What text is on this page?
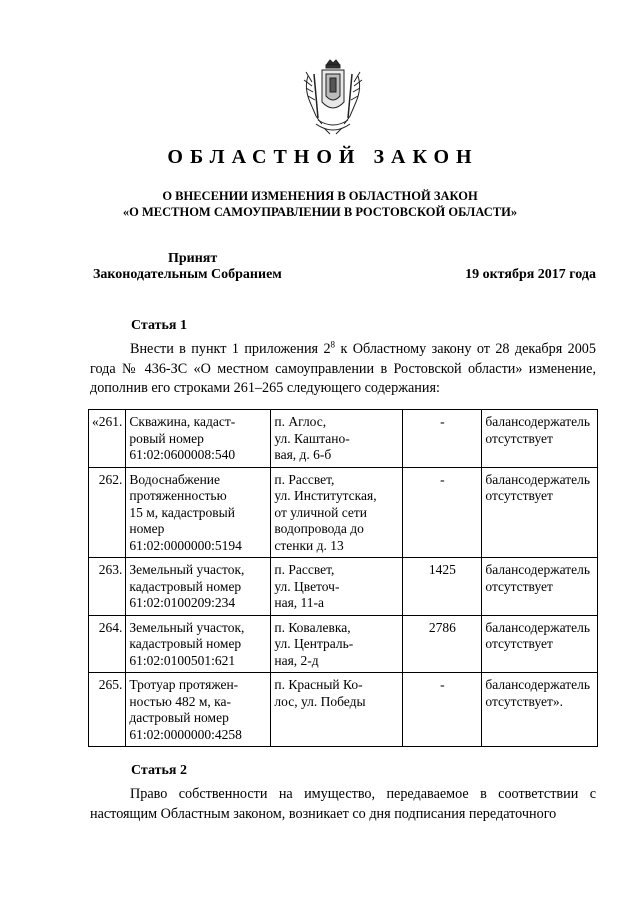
ОБЛАСТНОЙ ЗАКОН
О ВНЕСЕНИИ ИЗМЕНЕНИЯ В ОБЛАСТНОЙ ЗАКОН
«О МЕСТНОМ САМОУПРАВЛЕНИИ В РОСТОВСКОЙ ОБЛАСТИ»
Принят
Законодательным Собранием	19 октября 2017 года
Статья 1

Внести в пункт 1 приложения $2^8$ к Областному закону от 28 декабря 2005 года № 436-ЗС «О местном самоуправлении в Ростовской области» изменение, дополнив его строками 261–265 следующего содержания:

«261.	Скважина, кадаст-
ровый номер
61:02:0600008:540	п. Аглос,
ул. Каштано-
вая, д. 6-б	-	балансодержатель
отсутствует
262.	Водоснабжение
протяженностью
15 м, кадастровый
номер
61:02:0000000:5194	п. Рассвет,
ул. Институтская,
от уличной сети
водопровода до
стенки д. 13	-	балансодержатель
отсутствует
263.	Земельный участок,
кадастровый номер
61:02:0100209:234	п. Рассвет,
ул. Цветоч-
ная, 11-а	1425	балансодержатель
отсутствует
264.	Земельный участок,
кадастровый номер
61:02:0100501:621	п. Ковалевка,
ул. Централь-
ная, 2-д	2786	балансодержатель
отсутствует
265.	Тротуар протяжен-
ностью 482 м, ка-
дастровый номер
61:02:0000000:4258	п. Красный Ко-
лос, ул. Победы	-	балансодержатель
отсутствует».
Статья 2

Право собственности на имущество, передаваемое в соответствии с настоящим Областным законом, возникает со дня подписания передаточного
